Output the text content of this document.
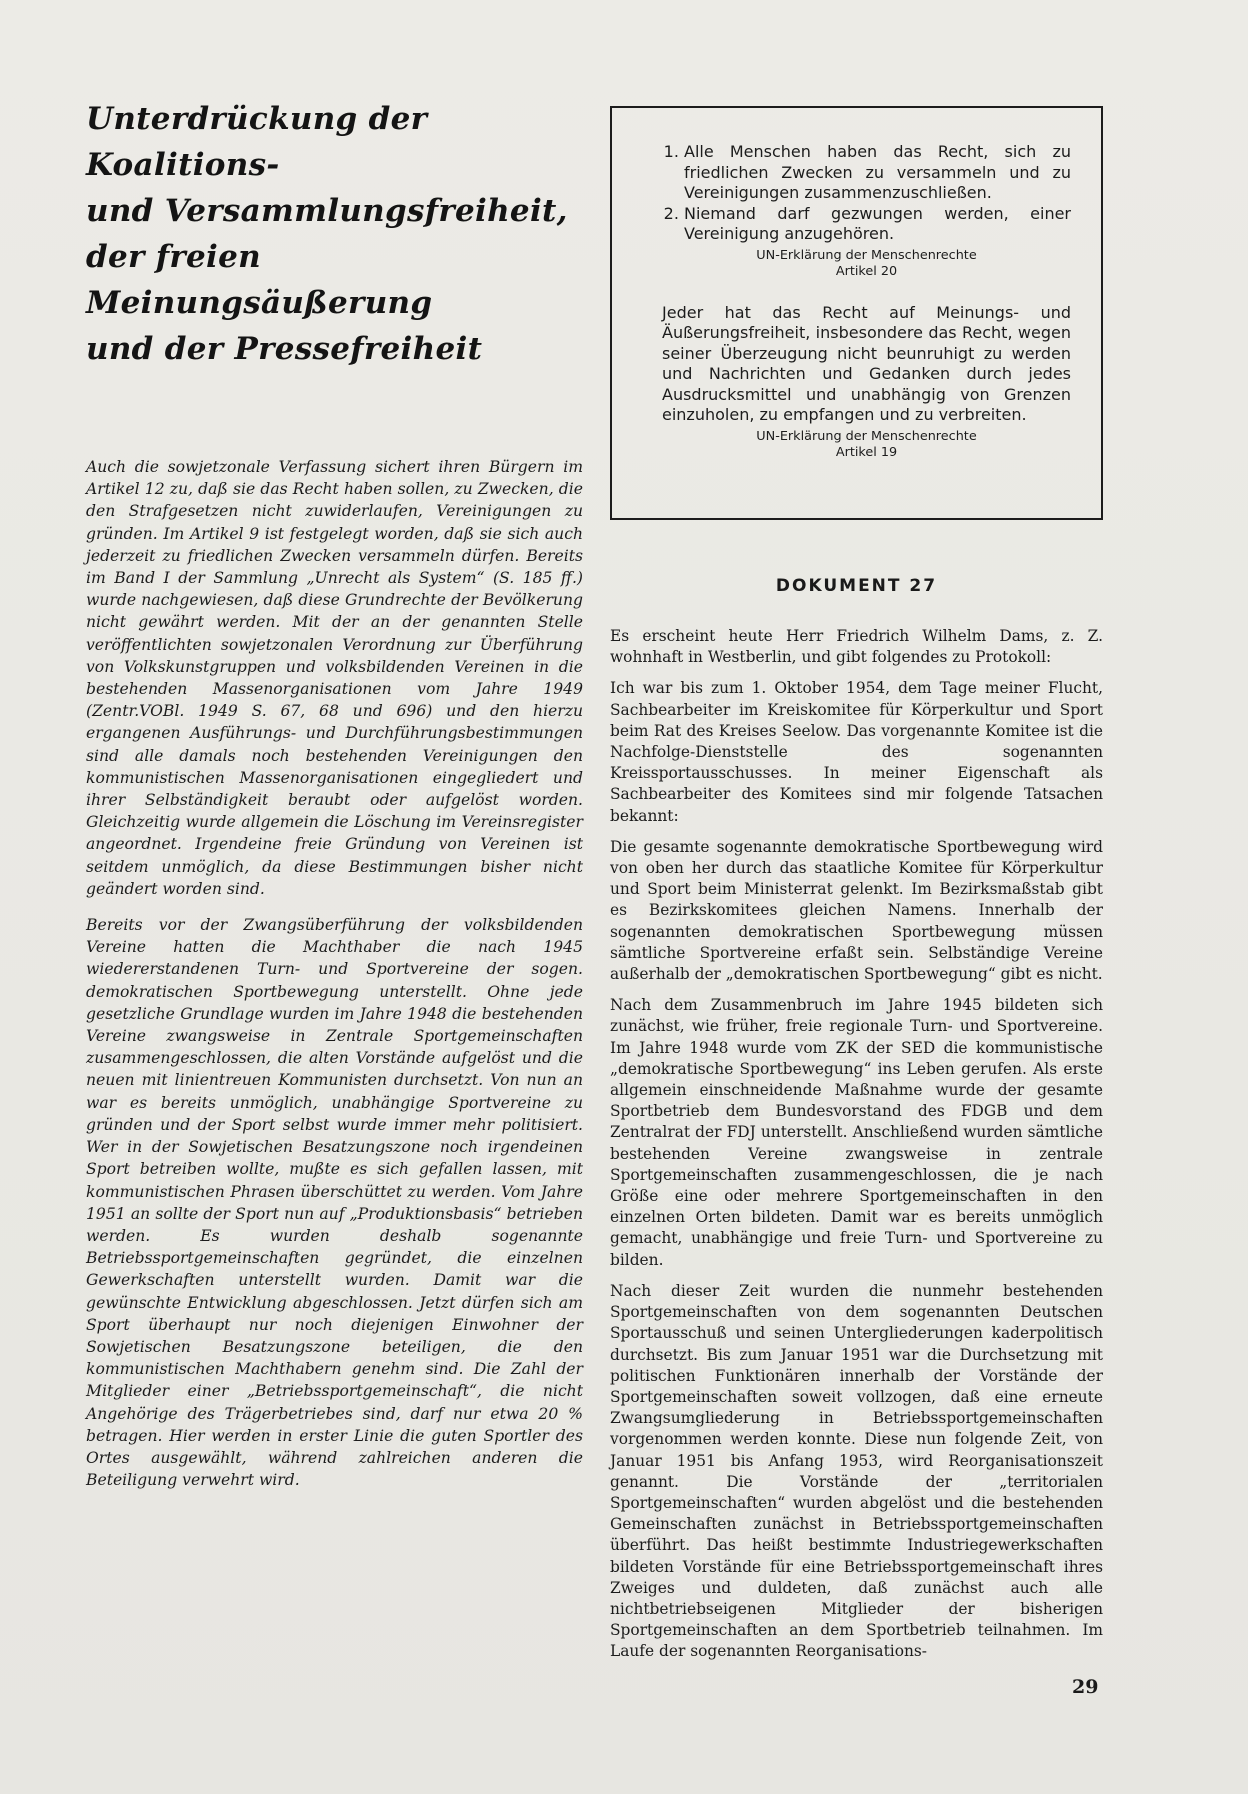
Unterdrückung der Koalitions-
und Versammlungsfreiheit,
der freien Meinungsäußerung
und der Pressefreiheit
1. Alle Menschen haben das Recht, sich zu friedlichen Zwecken zu versammeln und zu Vereinigungen zusammenzuschließen.
2. Niemand darf gezwungen werden, einer Vereinigung anzugehören.
UN-Erklärung der Menschenrechte
Artikel 20
Jeder hat das Recht auf Meinungs- und Äußerungsfreiheit, insbesondere das Recht, wegen seiner Überzeugung nicht beunruhigt zu werden und Nachrichten und Gedanken durch jedes Ausdrucksmittel und unabhängig von Grenzen einzuholen, zu empfangen und zu verbreiten.
UN-Erklärung der Menschenrechte
Artikel 19

Auch die sowjetzonale Verfassung sichert ihren Bürgern im Artikel 12 zu, daß sie das Recht haben sollen, zu Zwecken, die den Strafgesetzen nicht zuwiderlaufen, Vereinigungen zu gründen. Im Artikel 9 ist festgelegt worden, daß sie sich auch jederzeit zu friedlichen Zwecken versammeln dürfen. Bereits im Band I der Sammlung „Unrecht als System“ (S. 185 ff.) wurde nachgewiesen, daß diese Grundrechte der Bevölkerung nicht gewährt werden. Mit der an der genannten Stelle veröffentlichten sowjetzonalen Verordnung zur Überführung von Volkskunstgruppen und volksbildenden Vereinen in die bestehenden Massenorganisationen vom Jahre 1949 (Zentr.VOBl. 1949 S. 67, 68 und 696) und den hierzu ergangenen Ausführungs- und Durchführungsbestimmungen sind alle damals noch bestehenden Vereinigungen den kommunistischen Massenorganisationen eingegliedert und ihrer Selbständigkeit beraubt oder aufgelöst worden. Gleichzeitig wurde allgemein die Löschung im Vereinsregister angeordnet. Irgendeine freie Gründung von Vereinen ist seitdem unmöglich, da diese Bestimmungen bisher nicht geändert worden sind.

Bereits vor der Zwangsüberführung der volksbildenden Vereine hatten die Machthaber die nach 1945 wiedererstandenen Turn- und Sportvereine der sogen. demokratischen Sportbewegung unterstellt. Ohne jede gesetzliche Grundlage wurden im Jahre 1948 die bestehenden Vereine zwangsweise in Zentrale Sportgemeinschaften zusammengeschlossen, die alten Vorstände aufgelöst und die neuen mit linientreuen Kommunisten durchsetzt. Von nun an war es bereits unmöglich, unabhängige Sportvereine zu gründen und der Sport selbst wurde immer mehr politisiert. Wer in der Sowjetischen Besatzungszone noch irgendeinen Sport betreiben wollte, mußte es sich gefallen lassen, mit kommunistischen Phrasen überschüttet zu werden. Vom Jahre 1951 an sollte der Sport nun auf „Produktionsbasis“ betrieben werden. Es wurden deshalb sogenannte Betriebssportgemeinschaften gegründet, die einzelnen Gewerkschaften unterstellt wurden. Damit war die gewünschte Entwicklung abgeschlossen. Jetzt dürfen sich am Sport überhaupt nur noch diejenigen Einwohner der Sowjetischen Besatzungszone beteiligen, die den kommunistischen Machthabern genehm sind. Die Zahl der Mitglieder einer „Betriebssportgemeinschaft“, die nicht Angehörige des Trägerbetriebes sind, darf nur etwa 20 % betragen. Hier werden in erster Linie die guten Sportler des Ortes ausgewählt, während zahlreichen anderen die Beteiligung verwehrt wird.

DOKUMENT 27

Es erscheint heute Herr Friedrich Wilhelm Dams, z. Z. wohnhaft in Westberlin, und gibt folgendes zu Protokoll:

Ich war bis zum 1. Oktober 1954, dem Tage meiner Flucht, Sachbearbeiter im Kreiskomitee für Körperkultur und Sport beim Rat des Kreises Seelow. Das vorgenannte Komitee ist die Nachfolge-Dienststelle des sogenannten Kreissportausschusses. In meiner Eigenschaft als Sachbearbeiter des Komitees sind mir folgende Tatsachen bekannt:

Die gesamte sogenannte demokratische Sportbewegung wird von oben her durch das staatliche Komitee für Körperkultur und Sport beim Ministerrat gelenkt. Im Bezirksmaßstab gibt es Bezirkskomitees gleichen Namens. Innerhalb der sogenannten demokratischen Sportbewegung müssen sämtliche Sportvereine erfaßt sein. Selbständige Vereine außerhalb der „demokratischen Sportbewegung“ gibt es nicht.

Nach dem Zusammenbruch im Jahre 1945 bildeten sich zunächst, wie früher, freie regionale Turn- und Sportvereine. Im Jahre 1948 wurde vom ZK der SED die kommunistische „demokratische Sportbewegung“ ins Leben gerufen. Als erste allgemein einschneidende Maßnahme wurde der gesamte Sportbetrieb dem Bundesvorstand des FDGB und dem Zentralrat der FDJ unterstellt. Anschließend wurden sämtliche bestehenden Vereine zwangsweise in zentrale Sportgemeinschaften zusammengeschlossen, die je nach Größe eine oder mehrere Sportgemeinschaften in den einzelnen Orten bildeten. Damit war es bereits unmöglich gemacht, unabhängige und freie Turn- und Sportvereine zu bilden.

Nach dieser Zeit wurden die nunmehr bestehenden Sportgemeinschaften von dem sogenannten Deutschen Sportausschuß und seinen Untergliederungen kaderpolitisch durchsetzt. Bis zum Januar 1951 war die Durchsetzung mit politischen Funktionären innerhalb der Vorstände der Sportgemeinschaften soweit vollzogen, daß eine erneute Zwangsumgliederung in Betriebssportgemeinschaften vorgenommen werden konnte. Diese nun folgende Zeit, von Januar 1951 bis Anfang 1953, wird Reorganisationszeit genannt. Die Vorstände der „territorialen Sportgemeinschaften“ wurden abgelöst und die bestehenden Gemeinschaften zunächst in Betriebssportgemeinschaften überführt. Das heißt bestimmte Industriegewerkschaften bildeten Vorstände für eine Betriebssportgemeinschaft ihres Zweiges und duldeten, daß zunächst auch alle nichtbetriebseigenen Mitglieder der bisherigen Sportgemeinschaften an dem Sportbetrieb teilnahmen. Im Laufe der sogenannten Reorganisations-

29
